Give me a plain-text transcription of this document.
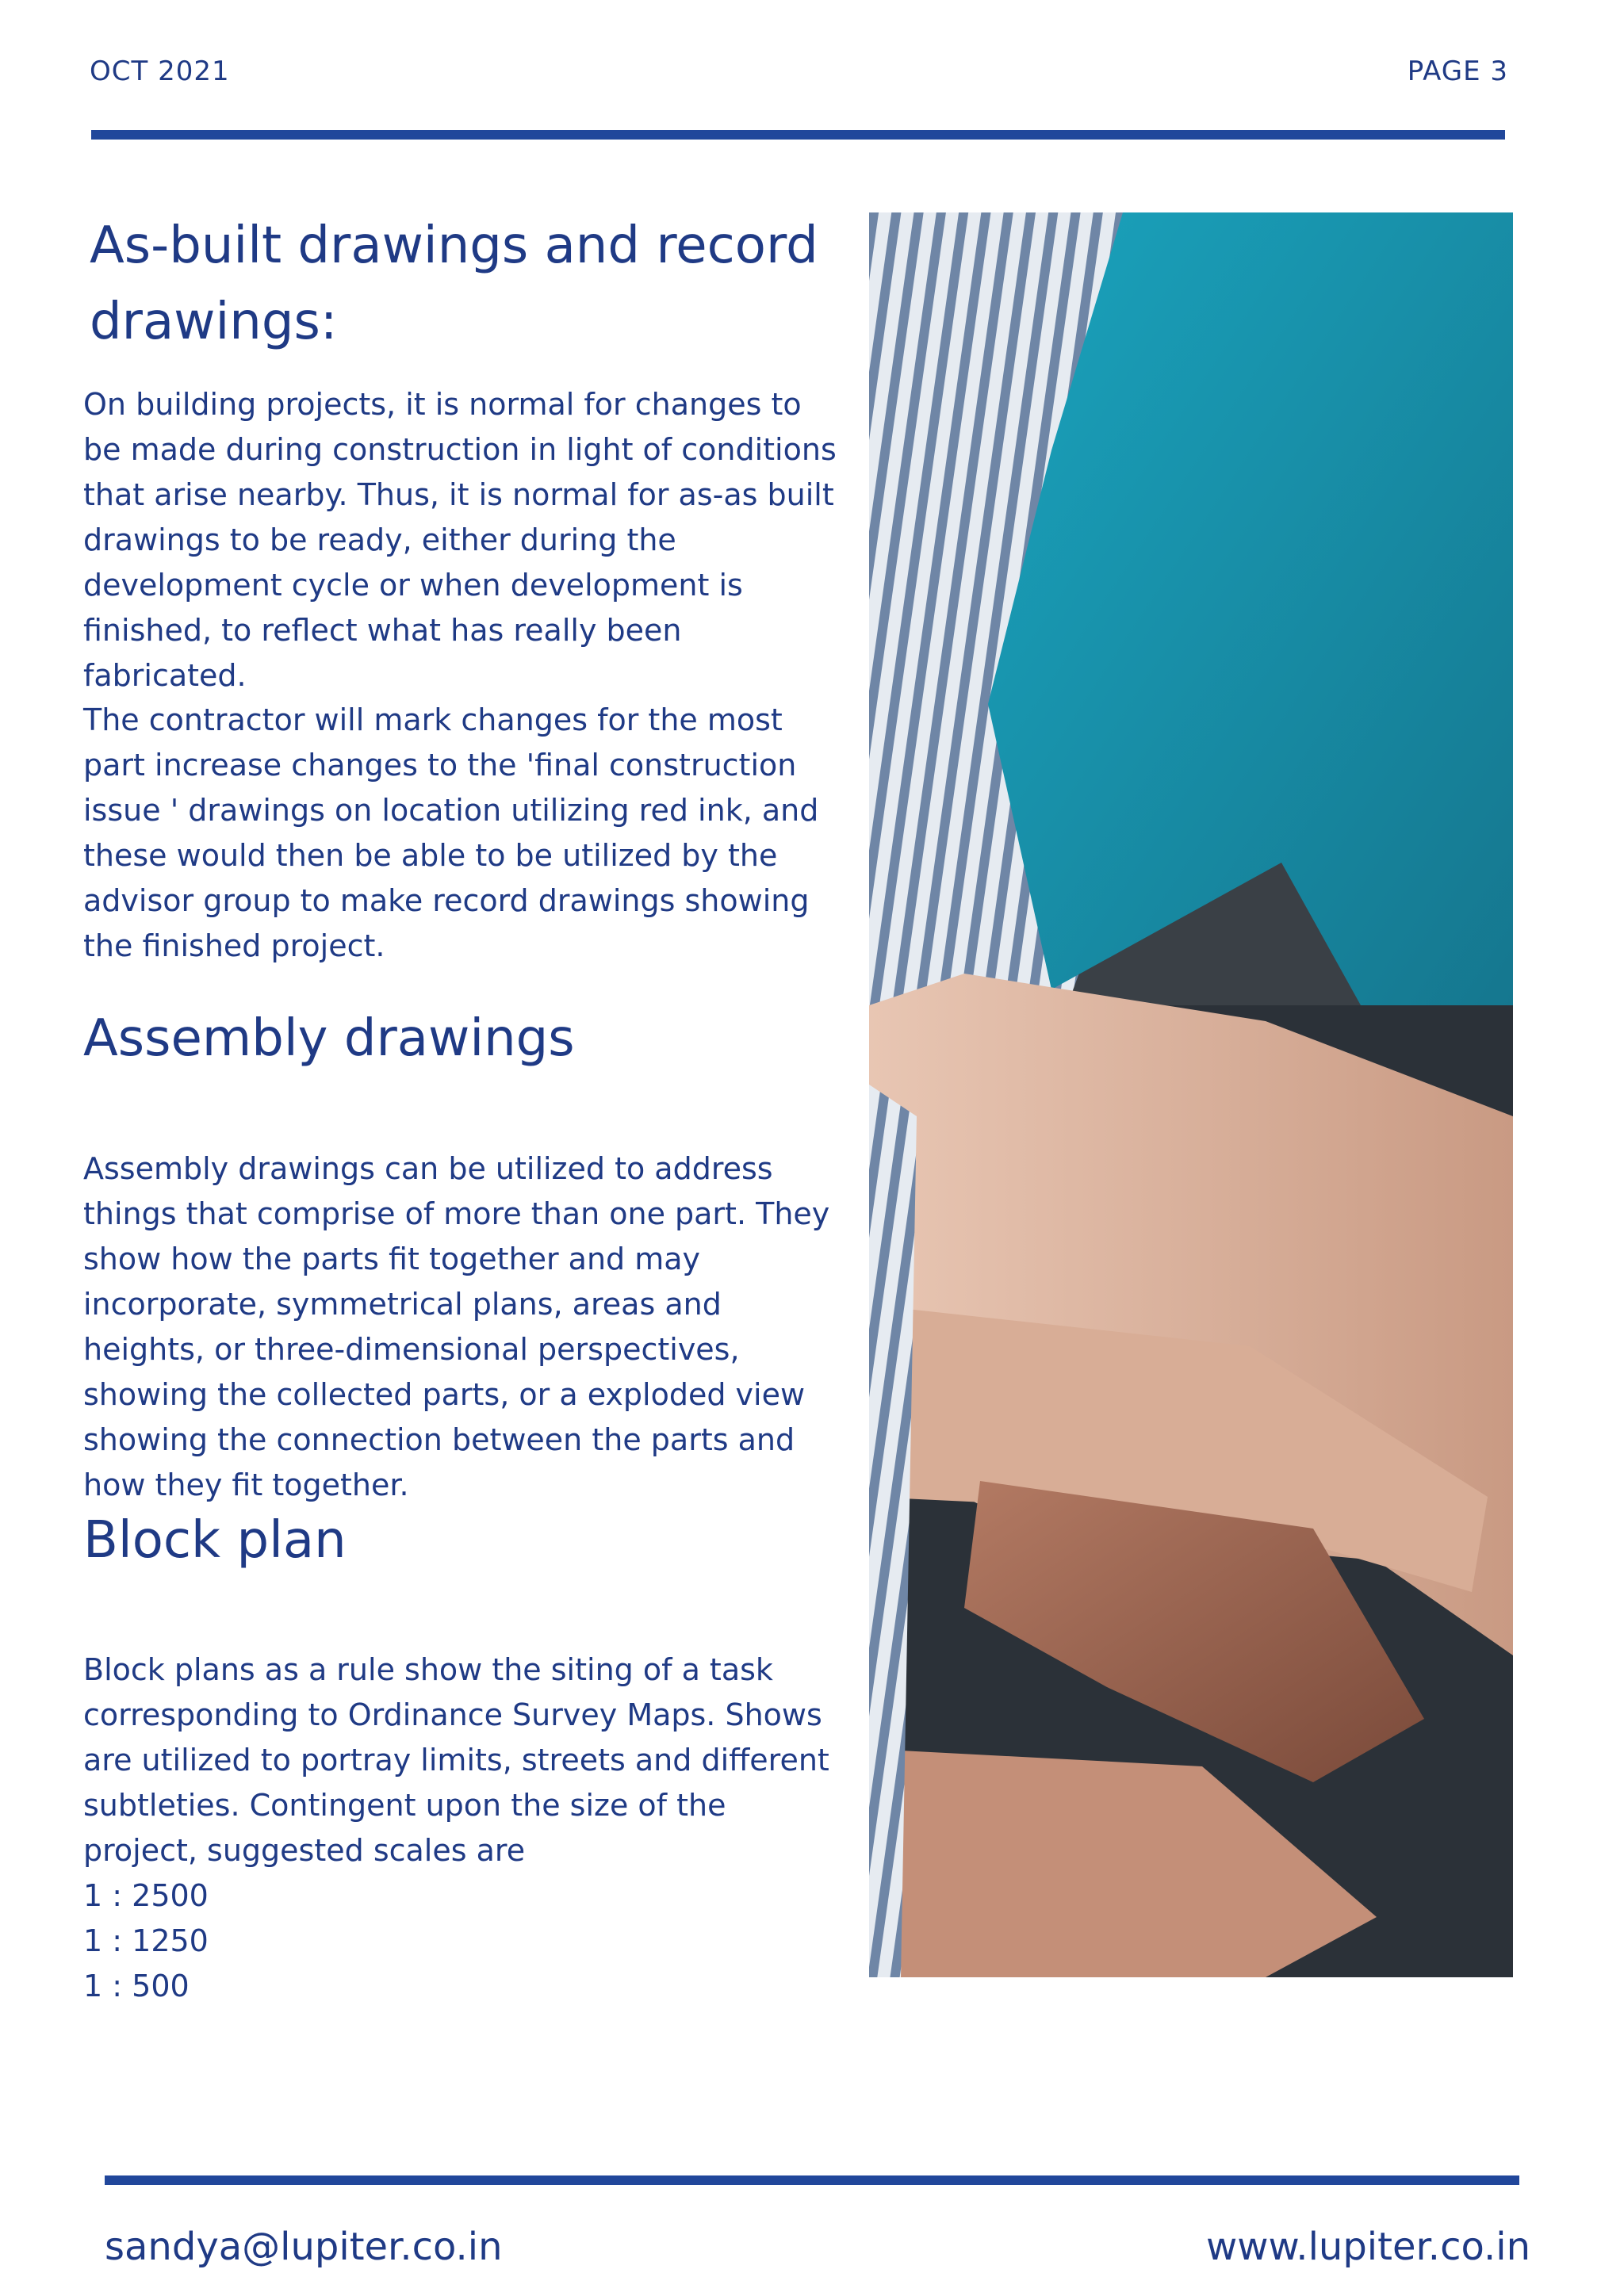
OCT 2021	PAGE 3
As-built drawings and record drawings:

On building projects, it is normal for changes to be made during construction in light of conditions that arise nearby. Thus, it is normal for as-as built drawings to be ready, either during the development cycle or when development is finished, to reflect what has really been fabricated.

The contractor will mark changes for the most part increase changes to the 'final construction issue ' drawings on location utilizing red ink, and these would then be able to be utilized by the advisor group to make record drawings showing the finished project.

Assembly drawings

Assembly drawings can be utilized to address things that comprise of more than one part. They show how the parts fit together and may incorporate, symmetrical plans, areas and heights, or three-dimensional perspectives, showing the collected parts, or a exploded view showing the connection between the parts and how they fit together.

Block plan

Block plans as a rule show the siting of a task corresponding to Ordinance Survey Maps. Shows are utilized to portray limits, streets and different subtleties. Contingent upon the size of the project, suggested scales are

1 : 2500
1 : 1250
1 : 500
sandya@lupiter.co.in	www.lupiter.co.in
